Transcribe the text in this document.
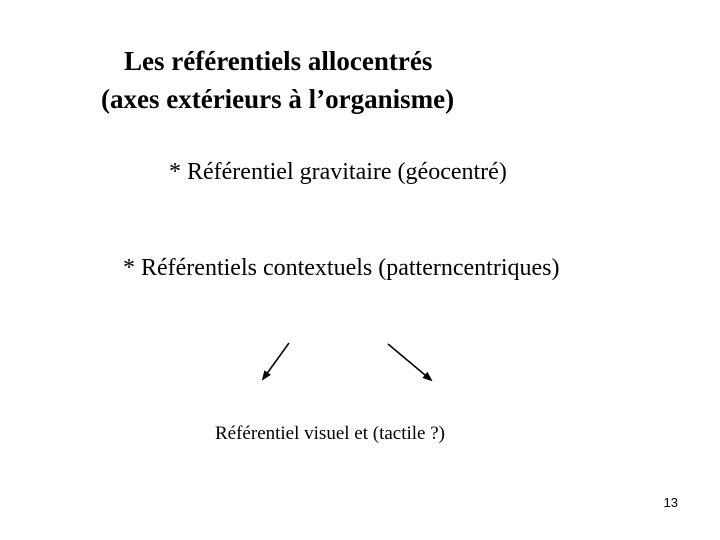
Les référentiels allocentrés
(axes extérieurs à l’organisme)
* Référentiel gravitaire (géocentré)
* Référentiels contextuels (patterncentriques)
Référentiel visuel et (tactile ?)
13
